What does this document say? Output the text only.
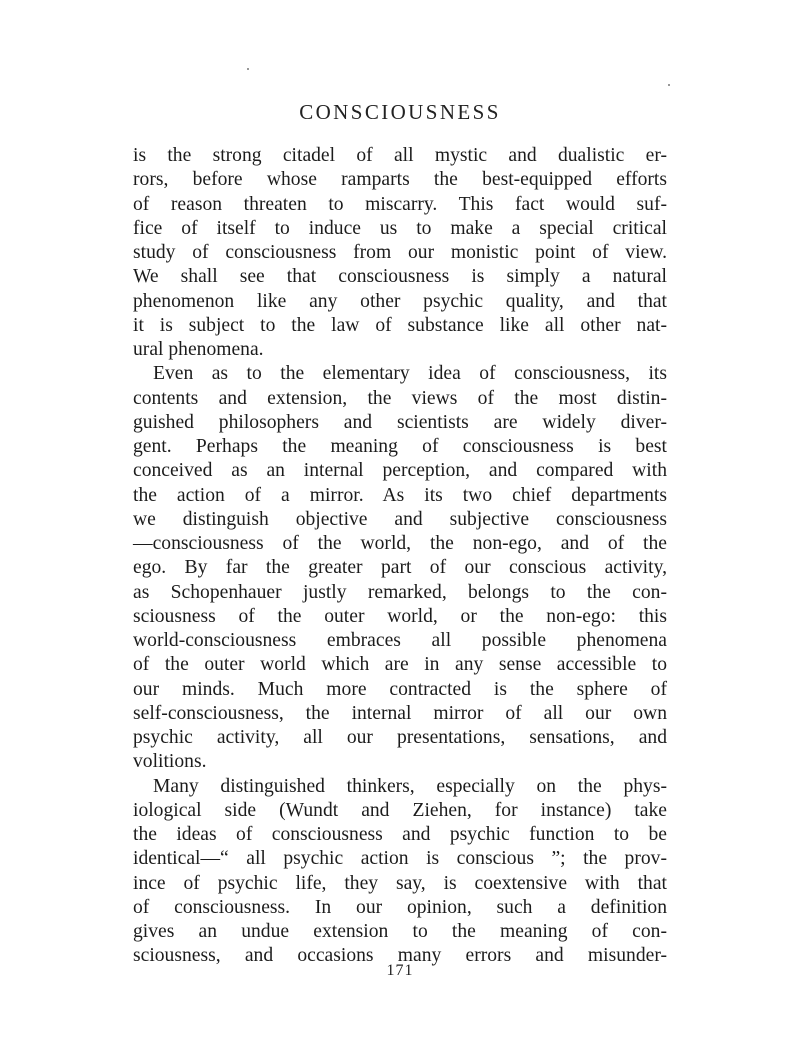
CONSCIOUSNESS
is the strong citadel of all mystic and dualistic er-
rors, before whose ramparts the best-equipped efforts
of reason threaten to miscarry. This fact would suf-
fice of itself to induce us to make a special critical
study of consciousness from our monistic point of view.
We shall see that consciousness is simply a natural
phenomenon like any other psychic quality, and that
it is subject to the law of substance like all other nat-
ural phenomena.
Even as to the elementary idea of consciousness, its
contents and extension, the views of the most distin-
guished philosophers and scientists are widely diver-
gent. Perhaps the meaning of consciousness is best
conceived as an internal perception, and compared with
the action of a mirror. As its two chief departments
we distinguish objective and subjective consciousness
—consciousness of the world, the non-ego, and of the
ego. By far the greater part of our conscious activity,
as Schopenhauer justly remarked, belongs to the con-
sciousness of the outer world, or the non-ego: this
world-consciousness embraces all possible phenomena
of the outer world which are in any sense accessible to
our minds. Much more contracted is the sphere of
self-consciousness, the internal mirror of all our own
psychic activity, all our presentations, sensations, and
volitions.
Many distinguished thinkers, especially on the phys-
iological side (Wundt and Ziehen, for instance) take
the ideas of consciousness and psychic function to be
identical—“ all psychic action is conscious ”; the prov-
ince of psychic life, they say, is coextensive with that
of consciousness. In our opinion, such a definition
gives an undue extension to the meaning of con-
sciousness, and occasions many errors and misunder-
171
